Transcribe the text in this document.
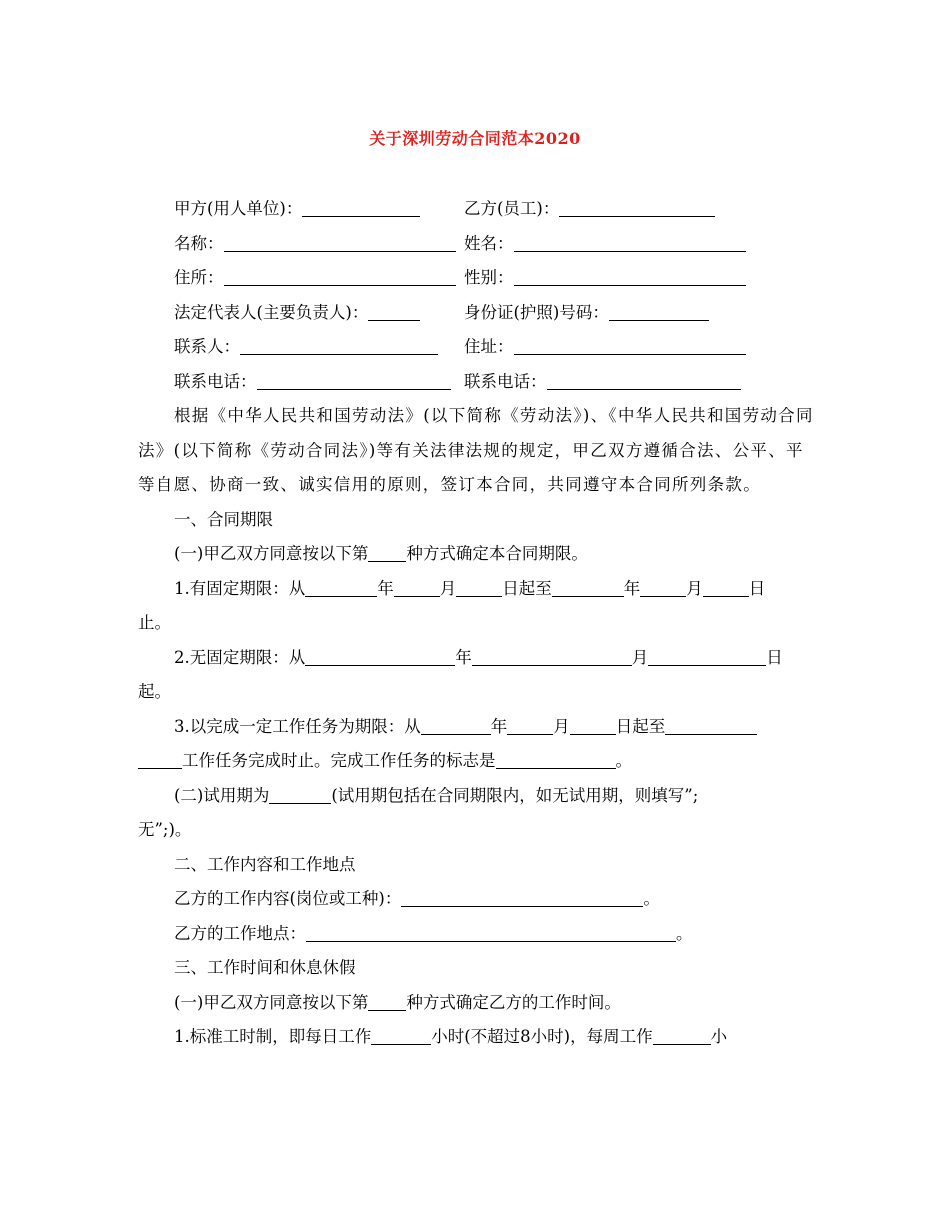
关于深圳劳动合同范本2020
甲方(用人单位)：	乙方(员工)：
名称：	姓名：
住所：	性别：
法定代表人(主要负责人)：	身份证(护照)号码：
联系人：	住址：
联系电话：	联系电话：

根据《中华人民共和国劳动法》(以下简称《劳动法》)、《中华人民共和国劳动合同法》(以下简称《劳动合同法》)等有关法律法规的规定，甲乙双方遵循合法、公平、平等自愿、协商一致、诚实信用的原则，签订本合同，共同遵守本合同所列条款。

一、合同期限

(一)甲乙双方同意按以下第 种方式确定本合同期限。

1.有固定期限：从	年	月	日起至	年	月	日

止。

2.无固定期限：从	年	月	日

起。

3.以完成一定工作任务为期限：从	年	月	日起至

工作任务完成时止。完成工作任务的标志是	。

(二)试用期为	(试用期包括在合同期限内，如无试用期，则填写”;

无”;)。

二、工作内容和工作地点

乙方的工作内容(岗位或工种)：	。

乙方的工作地点：	。

三、工作时间和休息休假

(一)甲乙双方同意按以下第 种方式确定乙方的工作时间。

1.标准工时制，即每日工作	小时(不超过8小时)，每周工作	小
